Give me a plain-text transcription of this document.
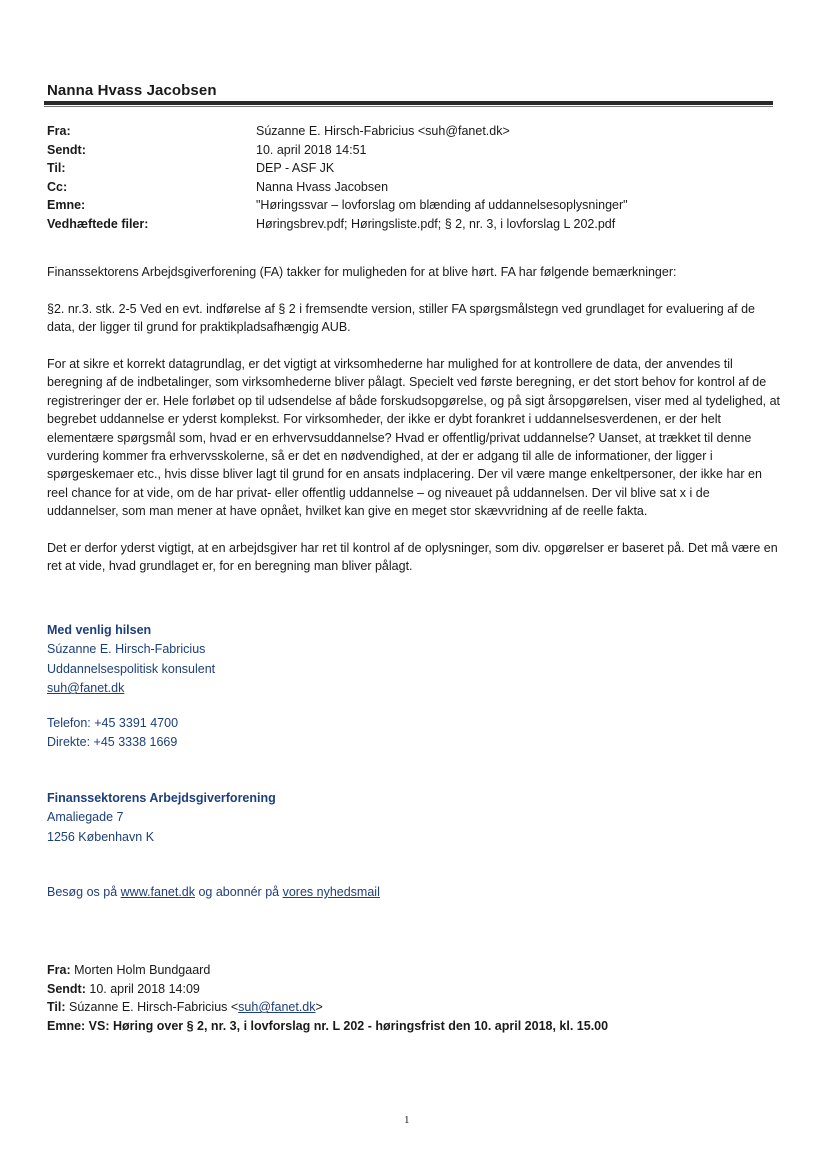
Nanna Hvass Jacobsen
Fra:	Súzanne E. Hirsch-Fabricius <suh@fanet.dk>
Sendt:	10. april 2018 14:51
Til:	DEP - ASF JK
Cc:	Nanna Hvass Jacobsen
Emne:	"Høringssvar – lovforslag om blænding af uddannelsesoplysninger"
Vedhæftede filer:	Høringsbrev.pdf; Høringsliste.pdf; § 2, nr. 3, i lovforslag L 202.pdf

Finanssektorens Arbejdsgiverforening (FA) takker for muligheden for at blive hørt. FA har følgende bemærkninger:

§2. nr.3. stk. 2-5 Ved en evt. indførelse af § 2 i fremsendte version, stiller FA spørgsmålstegn ved grundlaget for evaluering af de data, der ligger til grund for praktikpladsafhængig AUB.

For at sikre et korrekt datagrundlag, er det vigtigt at virksomhederne har mulighed for at kontrollere de data, der anvendes til beregning af de indbetalinger, som virksomhederne bliver pålagt. Specielt ved første beregning, er det stort behov for kontrol af de registreringer der er. Hele forløbet op til udsendelse af både forskudsopgørelse, og på sigt årsopgørelsen, viser med al tydelighed, at begrebet uddannelse er yderst komplekst. For virksomheder, der ikke er dybt forankret i uddannelsesverdenen, er der helt elementære spørgsmål som, hvad er en erhvervsuddannelse? Hvad er offentlig/privat uddannelse? Uanset, at trækket til denne vurdering kommer fra erhvervsskolerne, så er det en nødvendighed, at der er adgang til alle de informationer, der ligger i spørgeskemaer etc., hvis disse bliver lagt til grund for en ansats indplacering. Der vil være mange enkeltpersoner, der ikke har en reel chance for at vide, om de har privat- eller offentlig uddannelse – og niveauet på uddannelsen. Der vil blive sat x i de uddannelser, som man mener at have opnået, hvilket kan give en meget stor skævvridning af de reelle fakta.

Det er derfor yderst vigtigt, at en arbejdsgiver har ret til kontrol af de oplysninger, som div. opgørelser er baseret på. Det må være en ret at vide, hvad grundlaget er, for en beregning man bliver pålagt.

Med venlig hilsen
Súzanne E. Hirsch-Fabricius
Uddannelsespolitisk konsulent
suh@fanet.dk
Telefon: +45 3391 4700
Direkte: +45 3338 1669
Finanssektorens Arbejdsgiverforening
Amaliegade 7
1256 København K
Besøg os på www.fanet.dk og abonnér på vores nyhedsmail
Fra: Morten Holm Bundgaard
Sendt: 10. april 2018 14:09
Til: Súzanne E. Hirsch-Fabricius <suh@fanet.dk>
Emne: VS: Høring over § 2, nr. 3, i lovforslag nr. L 202 - høringsfrist den 10. april 2018, kl. 15.00
1
